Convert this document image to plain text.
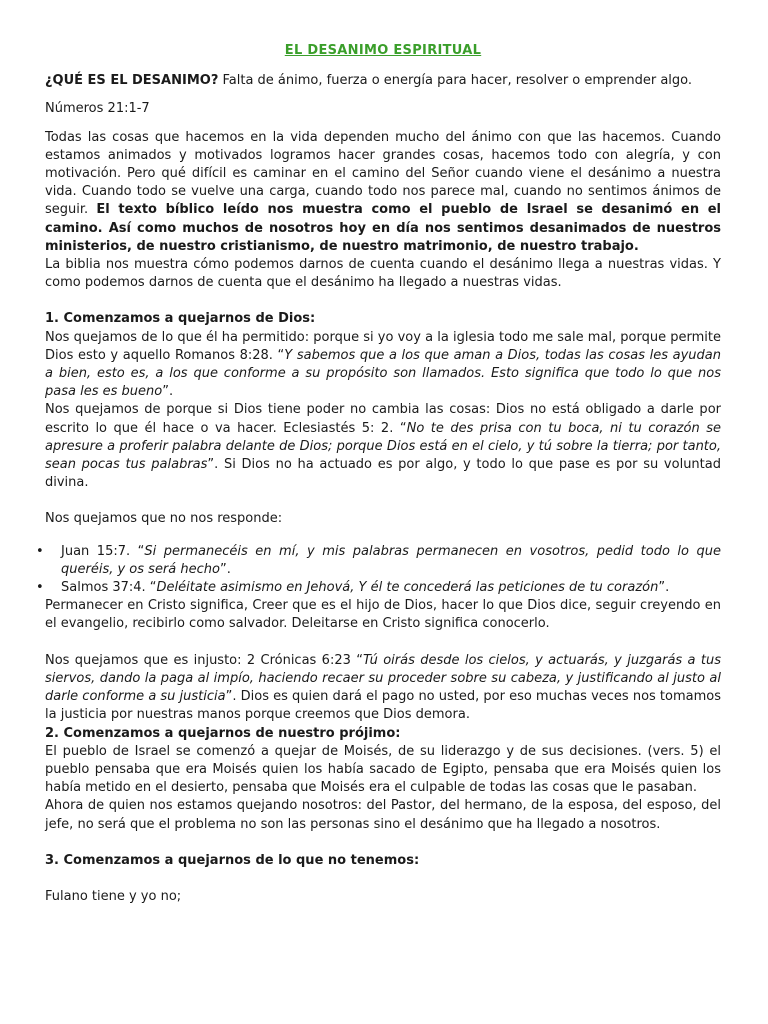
EL DESANIMO ESPIRITUAL

¿QUÉ ES EL DESANIMO? Falta de ánimo, fuerza o energía para hacer, resolver o emprender algo.

Números 21:1-7

Todas las cosas que hacemos en la vida dependen mucho del ánimo con que las hacemos. Cuando estamos animados y motivados logramos hacer grandes cosas, hacemos todo con alegría, y con motivación. Pero qué difícil es caminar en el camino del Señor cuando viene el desánimo a nuestra vida. Cuando todo se vuelve una carga, cuando todo nos parece mal, cuando no sentimos ánimos de seguir. El texto bíblico leído nos muestra como el pueblo de Israel se desanimó en el camino. Así como muchos de nosotros hoy en día nos sentimos desanimados de nuestros ministerios, de nuestro cristianismo, de nuestro matrimonio, de nuestro trabajo.

La biblia nos muestra cómo podemos darnos de cuenta cuando el desánimo llega a nuestras vidas. Y como podemos darnos de cuenta que el desánimo ha llegado a nuestras vidas.

1. Comenzamos a quejarnos de Dios:

Nos quejamos de lo que él ha permitido: porque si yo voy a la iglesia todo me sale mal, porque permite Dios esto y aquello Romanos 8:28. “Y sabemos que a los que aman a Dios, todas las cosas les ayudan a bien, esto es, a los que conforme a su propósito son llamados. Esto significa que todo lo que nos pasa les es bueno”.

Nos quejamos de porque si Dios tiene poder no cambia las cosas: Dios no está obligado a darle por escrito lo que él hace o va hacer. Eclesiastés 5: 2. “No te des prisa con tu boca, ni tu corazón se apresure a proferir palabra delante de Dios; porque Dios está en el cielo, y tú sobre la tierra; por tanto, sean pocas tus palabras”. Si Dios no ha actuado es por algo, y todo lo que pase es por su voluntad divina.

Nos quejamos que no nos responde:

• Juan 15:7. “Si permanecéis en mí, y mis palabras permanecen en vosotros, pedid todo lo que queréis, y os será hecho”.
• Salmos 37:4. “Deléitate asimismo en Jehová, Y él te concederá las peticiones de tu corazón”.

Permanecer en Cristo significa, Creer que es el hijo de Dios, hacer lo que Dios dice, seguir creyendo en el evangelio, recibirlo como salvador. Deleitarse en Cristo significa conocerlo.

Nos quejamos que es injusto: 2 Crónicas 6:23 “Tú oirás desde los cielos, y actuarás, y juzgarás a tus siervos, dando la paga al impío, haciendo recaer su proceder sobre su cabeza, y justificando al justo al darle conforme a su justicia”. Dios es quien dará el pago no usted, por eso muchas veces nos tomamos la justicia por nuestras manos porque creemos que Dios demora.

2. Comenzamos a quejarnos de nuestro prójimo:

El pueblo de Israel se comenzó a quejar de Moisés, de su liderazgo y de sus decisiones. (vers. 5) el pueblo pensaba que era Moisés quien los había sacado de Egipto, pensaba que era Moisés quien los había metido en el desierto, pensaba que Moisés era el culpable de todas las cosas que le pasaban.

Ahora de quien nos estamos quejando nosotros: del Pastor, del hermano, de la esposa, del esposo, del jefe, no será que el problema no son las personas sino el desánimo que ha llegado a nosotros.

3. Comenzamos a quejarnos de lo que no tenemos:

Fulano tiene y yo no;
